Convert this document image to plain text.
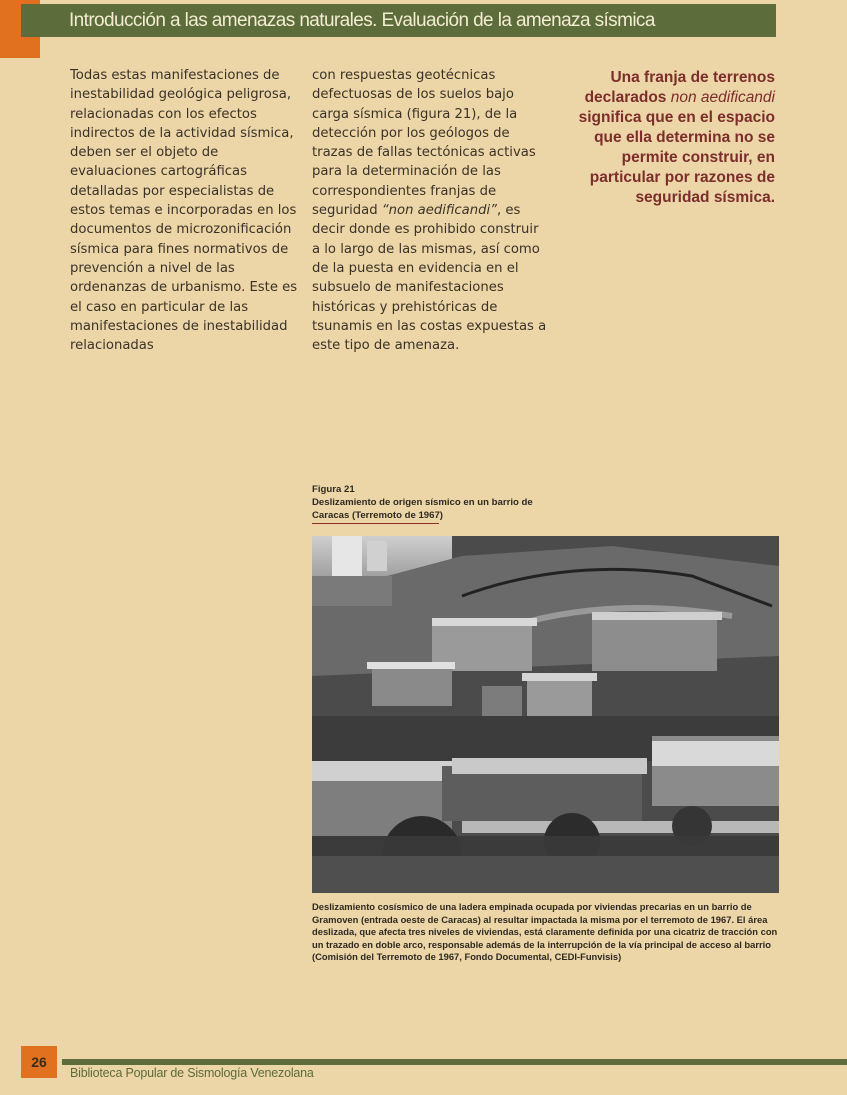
Introducción a las amenazas naturales. Evaluación de la amenaza sísmica

Todas estas manifestaciones de inestabilidad geológica peligrosa, relacionadas con los efectos indirectos de la actividad sísmica, deben ser el objeto de evaluaciones cartográficas detalladas por especialistas de estos temas e incorporadas en los documentos de microzonificación sísmica para fines normativos de prevención a nivel de las ordenanzas de urbanismo. Este es el caso en particular de las manifestaciones de inestabilidad relacionadas

con respuestas geotécnicas defectuosas de los suelos bajo carga sísmica (figura 21), de la detección por los geólogos de trazas de fallas tectónicas activas para la determinación de las correspondientes franjas de seguridad “non aedificandi”, es decir donde es prohibido construir a lo largo de las mismas, así como de la puesta en evidencia en el subsuelo de manifestaciones históricas y prehistóricas de tsunamis en las costas expuestas a este tipo de amenaza.

Una franja de terrenos declarados non aedificandi significa que en el espacio que ella determina no se permite construir, en particular por razones de seguridad sísmica.
Figura 21
Deslizamiento de origen sísmico en un barrio de
Caracas (Terremoto de 1967)
Deslizamiento cosísmico de una ladera empinada ocupada por viviendas precarias en un barrio de Gramoven (entrada oeste de Caracas) al resultar impactada la misma por el terremoto de 1967. El área deslizada, que afecta tres niveles de viviendas, está claramente definida por una cicatriz de tracción con un trazado en doble arco, responsable además de la interrupción de la vía principal de acceso al barrio (Comisión del Terremoto de 1967, Fondo Documental, CEDI-Funvisis)
26
Biblioteca Popular de Sismología Venezolana
